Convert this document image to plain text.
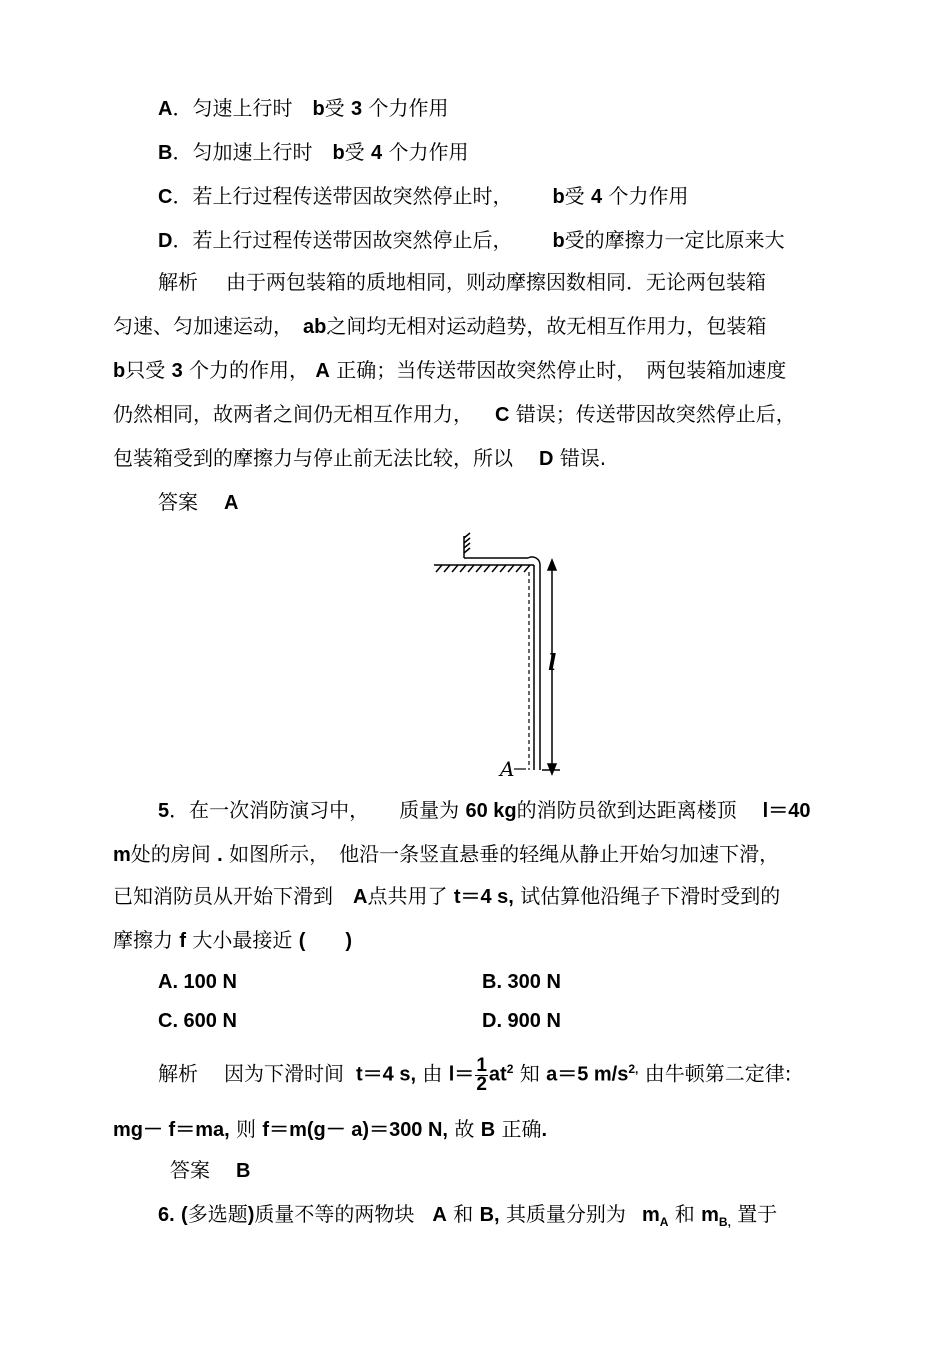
A．匀速上行时　b受 3 个力作用
B．匀加速上行时　b受 4 个力作用
C．若上行过程传送带因故突然停止时， b受 4 个力作用
D．若上行过程传送带因故突然停止后， b受的摩擦力一定比原来大
解析 由于两包装箱的质地相同，则动摩擦因数相同．无论两包装箱
匀速、匀加速运动， ab之间均无相对运动趋势，故无相互作用力，包装箱
b只受 3 个力的作用， A 正确；当传送带因故突然停止时，　两包装箱加速度
仍然相同，故两者之间仍无相互作用力， C 错误；传送带因故突然停止后，
包装箱受到的摩擦力与停止前无法比较，所以 D 错误.
答案 A
l
A
5．在一次消防演习中，　　质量为 60 kg的消防员欲到达距离楼顶 l＝40
m处的房间 . 如图所示，　他沿一条竖直悬垂的轻绳从静止开始匀加速下滑，
已知消防员从开始下滑到 A点共用了 t＝4 s, 试估算他沿绳子下滑时受到的
摩擦力 f 大小最接近 (　　)
A. 100 N	B. 300 N
C. 600 N	D. 900 N
解析 因为下滑时间 t＝4 s, 由 $l= \frac{1}{2} at^2$ 知 a＝5 $m/s^{2,}$ 由牛顿第二定律:
mg－ f＝ma, 则 f＝m(g－ a)＝300 N, 故 B 正确.
答案 B
6. (多选题)质量不等的两物块 A 和 B, 其质量分别为 $m_A$ 和 $m_{B,}$ 置于
